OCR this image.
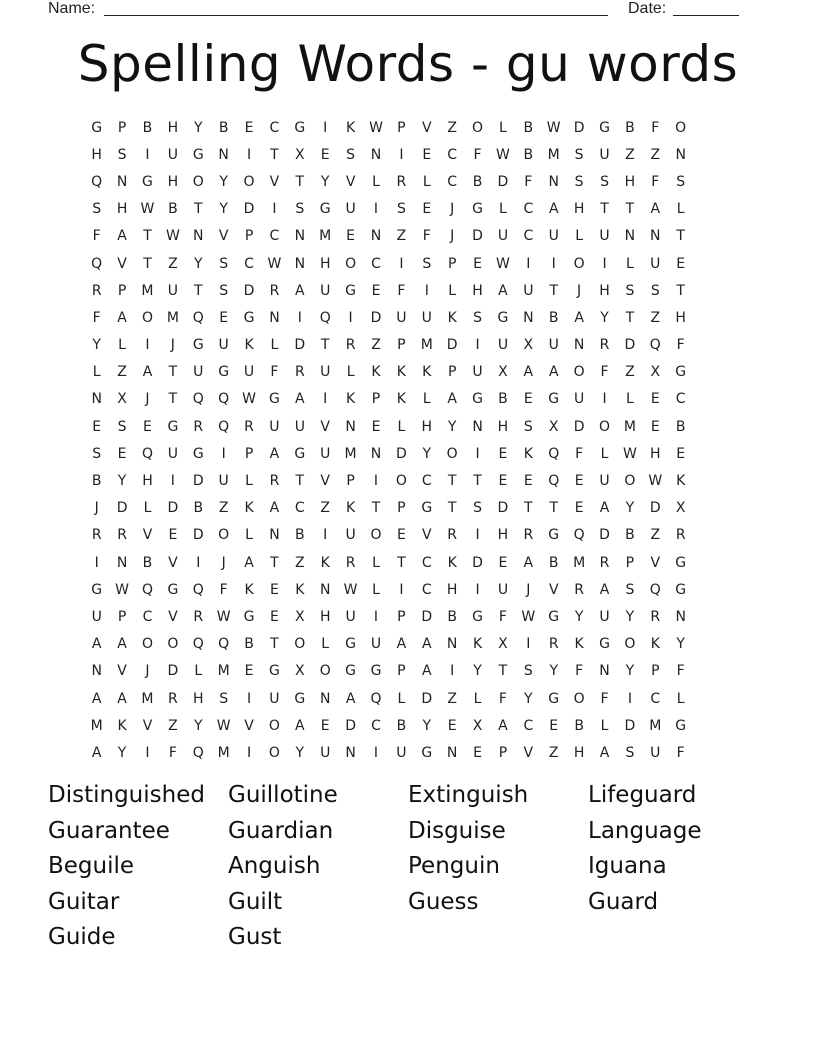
Name:	Date:
Spelling Words - gu words
G	P	B	H	Y	B	E	C	G	I	K W	P	V	Z	O	L	B W D	G	B	F	O
H	S	I	U	G	N	I	T	X	E	S	N	I	E	C	F	W B	M	S	U	Z	Z	N
Q	N	G	H	O	Y	O	V	T	Y	V	L	R	L	C	B	D	F	N	S	S	H	F	S
S	H W B	T	Y	D	I	S	G	U	I	S	E	J	G	L	C	A	H	T	T	A	L
F	A	T	W N	V	P	C	N	M	E	N	Z	F	J	D	U	C	U	L	U	N	N	T
Q	V	T	Z	Y	S	C W N	H	O	C	I	S	P	E	W	I	I	O	I	L	U	E
R	P	M	U	T	S	D	R	A	U	G	E	F	I	L	H	A	U	T	J	H	S	S	T
F	A	O M Q	E	G	N	I	Q	I	D	U	U	K	S	G	N	B	A	Y	T	Z	H
Y	L	I	J	G	U	K	L	D	T	R	Z	P	M D	I	U	X	U	N	R	D	Q	F
L	Z	A	T	U	G	U	F	R	U	L	K	K	K	P	U	X	A	A	O	F	Z	X	G
N	X	J	T	Q	Q W G	A	I	K	P	K	L	A	G	B	E	G	U	I	L	E	C
E	S	E	G	R	Q	R	U	U	V	N	E	L	H	Y	N	H	S	X	D	O M	E	B
S	E	Q	U	G	I	P	A	G	U	M	N	D	Y	O	I	E	K	Q	F	L	W H	E
B	Y	H	I	D	U	L	R	T	V	P	I	O	C	T	T	E	E	Q	E	U	O W K
J	D	L	D	B	Z	K	A	C	Z	K	T	P	G	T	S	D	T	T	E	A	Y	D	X
R	R	V	E	D	O	L	N	B	I	U	O	E	V	R	I	H	R	G	Q	D	B	Z	R
I	N	B	V	I	J	A	T	Z	K	R	L	T	C	K	D	E	A	B	M	R	P	V	G
G W Q	G	Q	F	K	E	K	N W	L	I	C	H	I	U	J	V	R	A	S	Q	G
U	P	C	V	R W G	E	X	H	U	I	P	D	B	G	F	W G	Y	U	Y	R	N
A	A	O	O	Q	Q	B	T	O	L	G	U	A	A	N	K	X	I	R	K	G	O	K	Y
N	V	J	D	L	M	E	G	X	O	G	G	P	A	I	Y	T	S	Y	F	N	Y	P	F
A	A	M	R	H	S	I	U	G	N	A	Q	L	D	Z	L	F	Y	G	O	F	I	C	L
M	K	V	Z	Y	W V	O	A	E	D	C	B	Y	E	X	A	C	E	B	L	D M G
A	Y	I	F	Q M	I	O	Y	U	N	I	U	G	N	E	P	V	Z	H	A	S	U	F
Distinguished	Guillotine	Extinguish	Lifeguard
Guarantee	Guardian	Disguise	Language
Beguile	Anguish	Penguin	Iguana
Guitar	Guilt	Guess	Guard
Guide	Gust
